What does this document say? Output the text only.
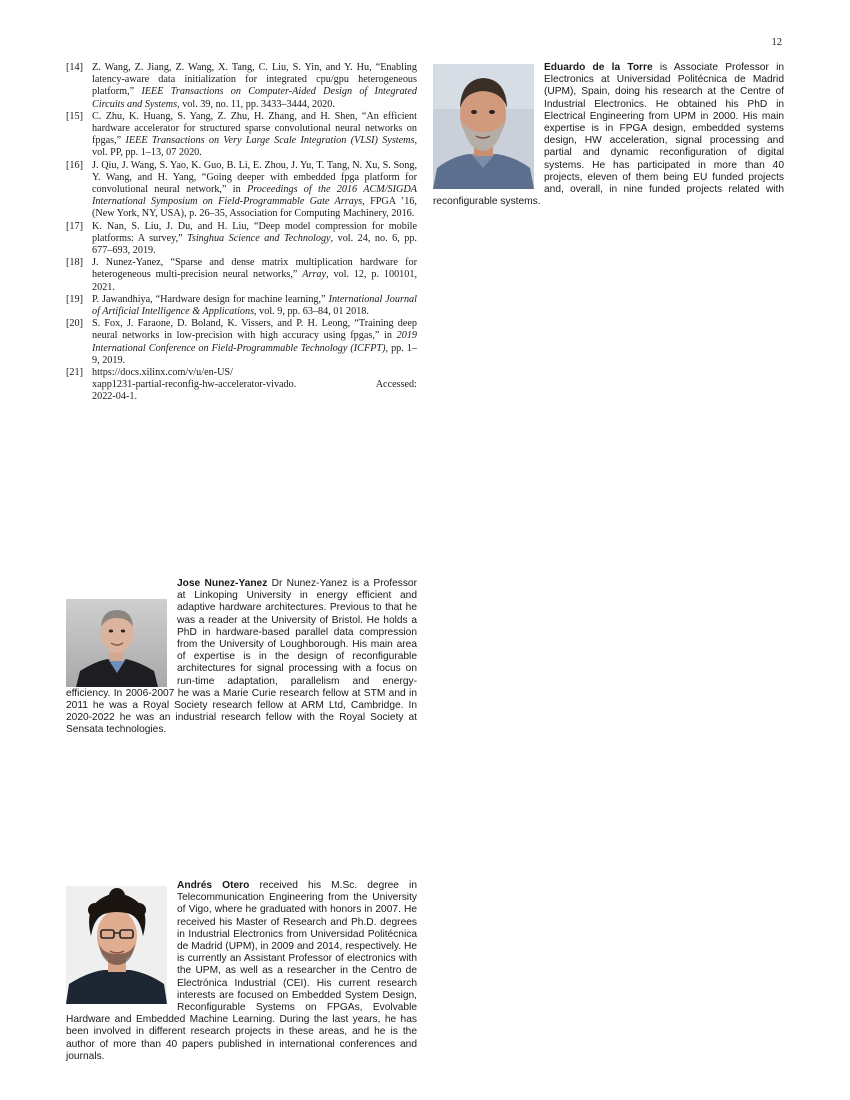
12
[14] Z. Wang, Z. Jiang, Z. Wang, X. Tang, C. Liu, S. Yin, and Y. Hu, “Enabling latency-aware data initialization for integrated cpu/gpu heterogeneous platform,” IEEE Transactions on Computer-Aided Design of Integrated Circuits and Systems, vol. 39, no. 11, pp. 3433–3444, 2020.
[15] C. Zhu, K. Huang, S. Yang, Z. Zhu, H. Zhang, and H. Shen, “An efficient hardware accelerator for structured sparse convolutional neural networks on fpgas,” IEEE Transactions on Very Large Scale Integration (VLSI) Systems, vol. PP, pp. 1–13, 07 2020.
[16] J. Qiu, J. Wang, S. Yao, K. Guo, B. Li, E. Zhou, J. Yu, T. Tang, N. Xu, S. Song, Y. Wang, and H. Yang, “Going deeper with embedded fpga platform for convolutional neural network,” in Proceedings of the 2016 ACM/SIGDA International Symposium on Field-Programmable Gate Arrays, FPGA ’16, (New York, NY, USA), p. 26–35, Association for Computing Machinery, 2016.
[17] K. Nan, S. Liu, J. Du, and H. Liu, “Deep model compression for mobile platforms: A survey,” Tsinghua Science and Technology, vol. 24, no. 6, pp. 677–693, 2019.
[18] J. Nunez-Yanez, “Sparse and dense matrix multiplication hardware for heterogeneous multi-precision neural networks,” Array, vol. 12, p. 100101, 2021.
[19] P. Jawandhiya, “Hardware design for machine learning,” International Journal of Artificial Intelligence & Applications, vol. 9, pp. 63–84, 01 2018.
[20] S. Fox, J. Faraone, D. Boland, K. Vissers, and P. H. Leong, “Training deep neural networks in low-precision with high accuracy using fpgas,” in 2019 International Conference on Field-Programmable Technology (ICFPT), pp. 1–9, 2019.
[21] https://docs.xilinx.com/v/u/en-US/
xapp1231-partial-reconfig-hw-accelerator-vivado.	Accessed:
2022-04-1.
Eduardo de la Torre is Associate Professor in Electronics at Universidad Politécnica de Madrid (UPM), Spain, doing his research at the Centre of Industrial Electronics. He obtained his PhD in Electrical Engineering from UPM in 2000. His main expertise is in FPGA design, embedded systems design, HW acceleration, signal processing and partial and dynamic reconfiguration of digital systems. He has participated in more than 40 projects, eleven of them being EU funded projects and, overall, in nine funded projects related with reconfigurable systems.
Jose Nunez-Yanez Dr Nunez-Yanez is a Professor at Linkoping University in energy efficient and adaptive hardware architectures. Previous to that he was a reader at the University of Bristol. He holds a PhD in hardware-based parallel data compression from the University of Loughborough. His main area of expertise is in the design of reconfigurable architectures for signal processing with a focus on run-time adaptation, parallelism and energy-efficiency. In 2006-2007 he was a Marie Curie research fellow at STM and in 2011 he was a Royal Society research fellow at ARM Ltd, Cambridge. In 2020-2022 he was an industrial research fellow with the Royal Society at Sensata technologies.
Andrés Otero received his M.Sc. degree in Telecommunication Engineering from the University of Vigo, where he graduated with honors in 2007. He received his Master of Research and Ph.D. degrees in Industrial Electronics from Universidad Politécnica de Madrid (UPM), in 2009 and 2014, respectively. He is currently an Assistant Professor of electronics with the UPM, as well as a researcher in the Centro de Electrónica Industrial (CEI). His current research interests are focused on Embedded System Design, Reconfigurable Systems on FPGAs, Evolvable Hardware and Embedded Machine Learning. During the last years, he has been involved in different research projects in these areas, and he is the author of more than 40 papers published in international conferences and journals.
